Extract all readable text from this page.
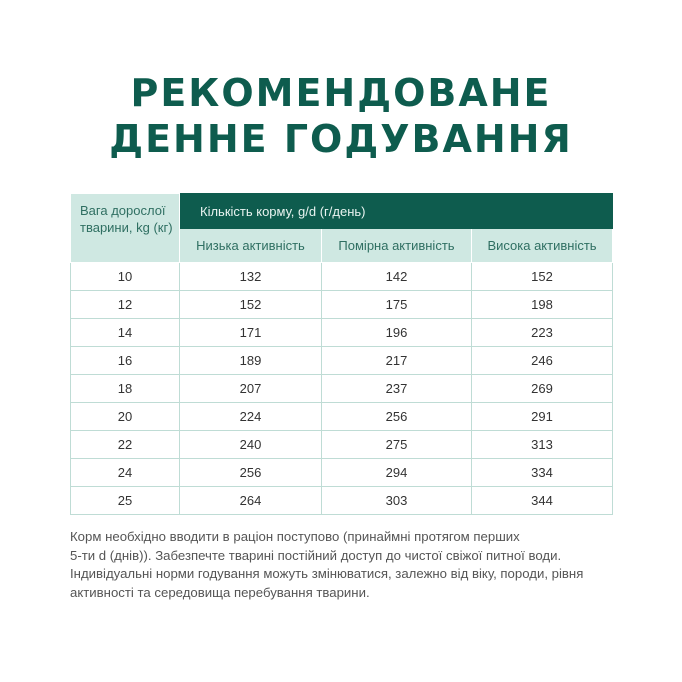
РЕКОМЕНДОВАНЕ
ДЕННЕ ГОДУВАННЯ
Вага дорослої тварини, kg (кг)	Кількість корму, g/d (г/день)		
	Низька активність	Помірна активність	Висока активність
10	132	142	152
12	152	175	198
14	171	196	223
16	189	217	246
18	207	237	269
20	224	256	291
22	240	275	313
24	256	294	334
25	264	303	344

Корм необхідно вводити в раціон поступово (принаймні протягом перших
5-ти d (днів)). Забезпечте тварині постійний доступ до чистої свіжої питної води.
Індивідуальні норми годування можуть змінюватися, залежно від віку, породи, рівня
активності та середовища перебування тварини.
